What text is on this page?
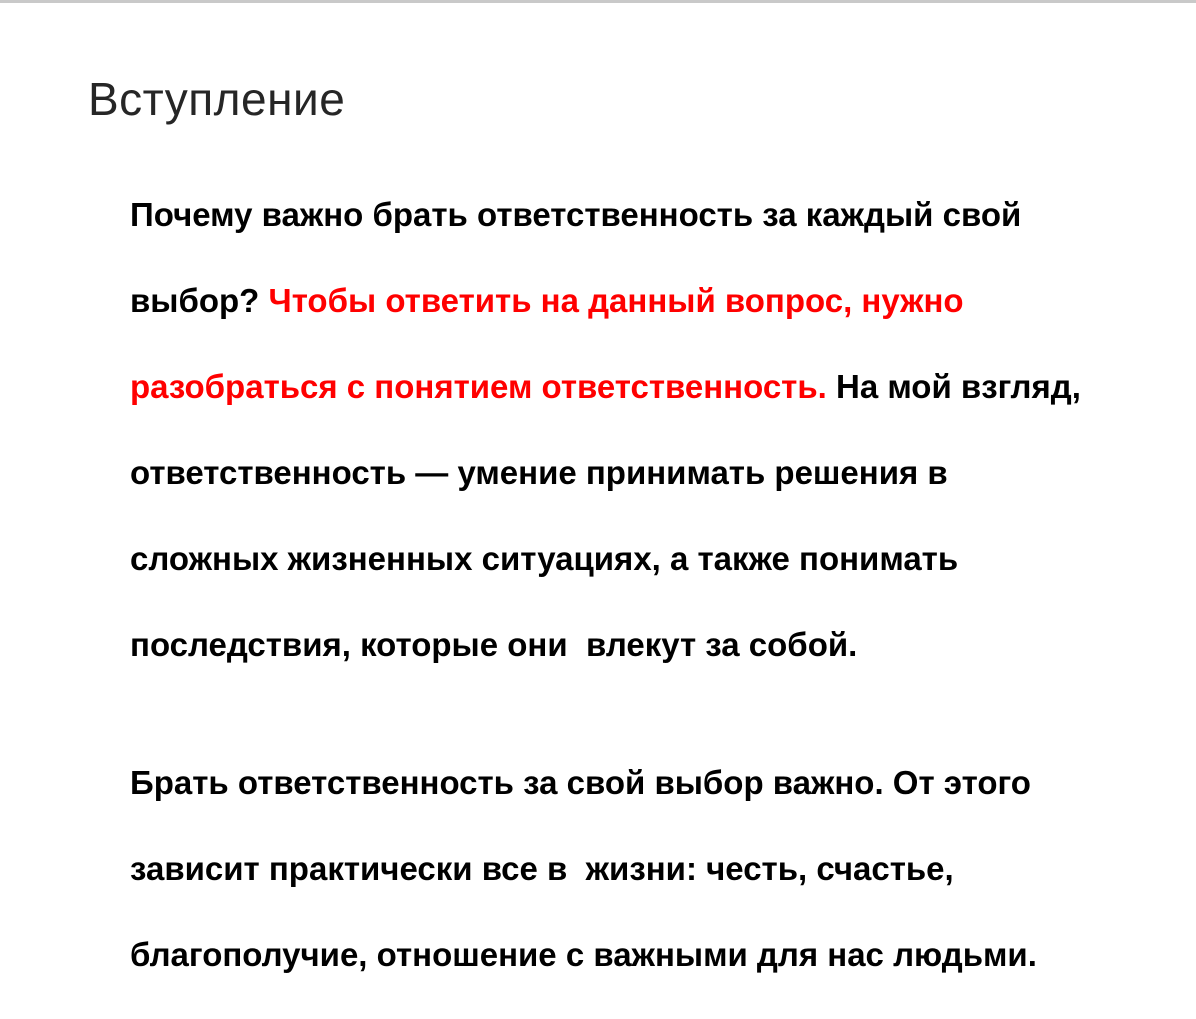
Вступление

Почему важно брать ответственность за каждый свой

выбор? Чтобы ответить на данный вопрос, нужно

разобраться с понятием ответственность. На мой взгляд,

ответственность — умение принимать решения в

сложных жизненных ситуациях, а также понимать

последствия, которые они  влекут за собой.

Брать ответственность за свой выбор важно. От этого

зависит практически все в  жизни: честь, счастье,

благополучие, отношение с важными для нас людьми.
